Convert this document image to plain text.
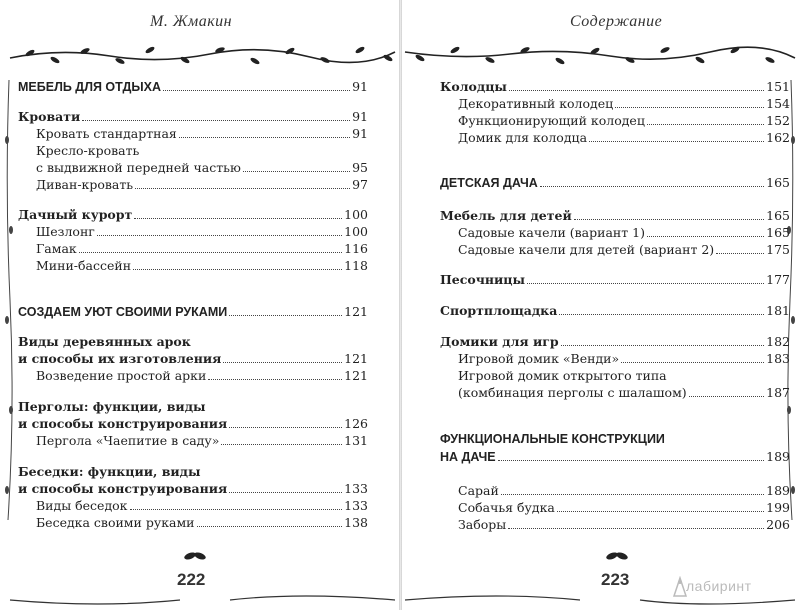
М. Жмакин
МЕБЕЛЬ ДЛЯ ОТДЫХА	91
Кровати	91
Кровать стандартная	91
Кресло-кровать
с выдвижной передней частью	95
Диван-кровать	97
Дачный курорт	100
Шезлонг	100
Гамак	116
Мини-бассейн	118
СОЗДАЕМ УЮТ СВОИМИ РУКАМИ	121
Виды деревянных арок
и способы их изготовления	121
Возведение простой арки	121
Перголы: функции, виды
и способы конструирования	126
Пергола «Чаепитие в саду»	131
Беседки: функции, виды
и способы конструирования	133
Виды беседок	133
Беседка своими руками	138
222
Содержание
Колодцы	151
Декоративный колодец	154
Функционирующий колодец	152
Домик для колодца	162
ДЕТСКАЯ ДАЧА	165
Мебель для детей	165
Садовые качели (вариант 1)	165
Садовые качели для детей (вариант 2)	175
Песочницы	177
Спортплощадка	181
Домики для игр	182
Игровой домик «Венди»	183
Игровой домик открытого типа
(комбинация перголы с шалашом)	187
ФУНКЦИОНАЛЬНЫЕ КОНСТРУКЦИИ
НА ДАЧЕ	189
Сарай	189
Собачья будка	199
Заборы	206
223	лабиринт
